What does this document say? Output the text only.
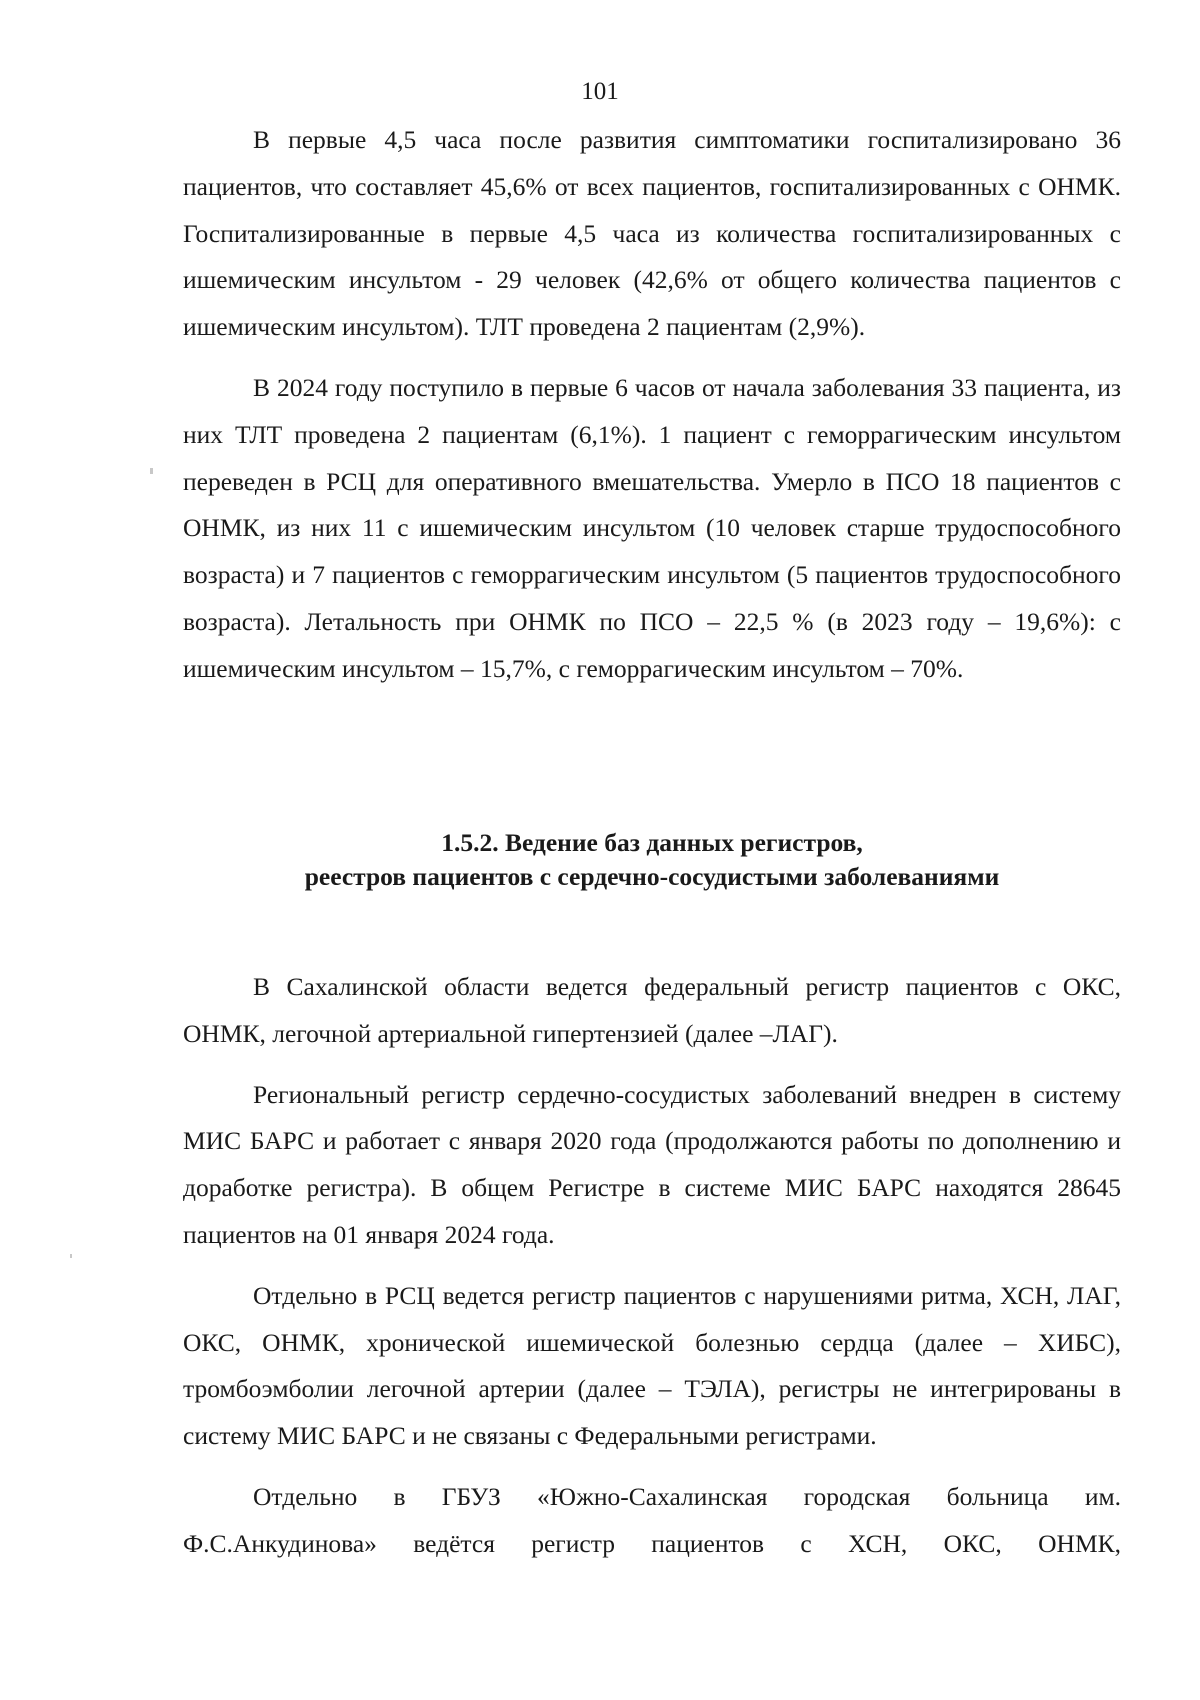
101

В первые 4,5 часа после развития симптоматики госпитализировано 36 пациентов, что составляет 45,6% от всех пациентов, госпитализированных с ОНМК. Госпитализированные в первые 4,5 часа из количества госпитализированных с ишемическим инсультом - 29 человек (42,6% от общего количества пациентов с ишемическим инсультом). ТЛТ проведена 2 пациентам (2,9%).

В 2024 году поступило в первые 6 часов от начала заболевания 33 пациента, из них ТЛТ проведена 2 пациентам (6,1%). 1 пациент с геморрагическим инсультом переведен в РСЦ для оперативного вмешательства. Умерло в ПСО 18 пациентов с ОНМК, из них 11 с ишемическим инсультом (10 человек старше трудоспособного возраста) и 7 пациентов с геморрагическим инсультом (5 пациентов трудоспособного возраста). Летальность при ОНМК по ПСО – 22,5 % (в 2023 году – 19,6%): с ишемическим инсультом – 15,7%, с геморрагическим инсультом – 70%.

1.5.2. Ведение баз данных регистров,
реестров пациентов с сердечно-сосудистыми заболеваниями

В Сахалинской области ведется федеральный регистр пациентов с ОКС, ОНМК, легочной артериальной гипертензией (далее –ЛАГ).

Региональный регистр сердечно-сосудистых заболеваний внедрен в систему МИС БАРС и работает с января 2020 года (продолжаются работы по дополнению и доработке регистра). В общем Регистре в системе МИС БАРС находятся 28645 пациентов на 01 января 2024 года.

Отдельно в РСЦ ведется регистр пациентов с нарушениями ритма, ХСН, ЛАГ, ОКС, ОНМК, хронической ишемической болезнью сердца (далее – ХИБС), тромбоэмболии легочной артерии (далее – ТЭЛА), регистры не интегрированы в систему МИС БАРС и не связаны с Федеральными регистрами.

Отдельно в ГБУЗ «Южно-Сахалинская городская больница им. Ф.С.Анкудинова» ведётся регистр пациентов с ХСН, ОКС, ОНМК,
